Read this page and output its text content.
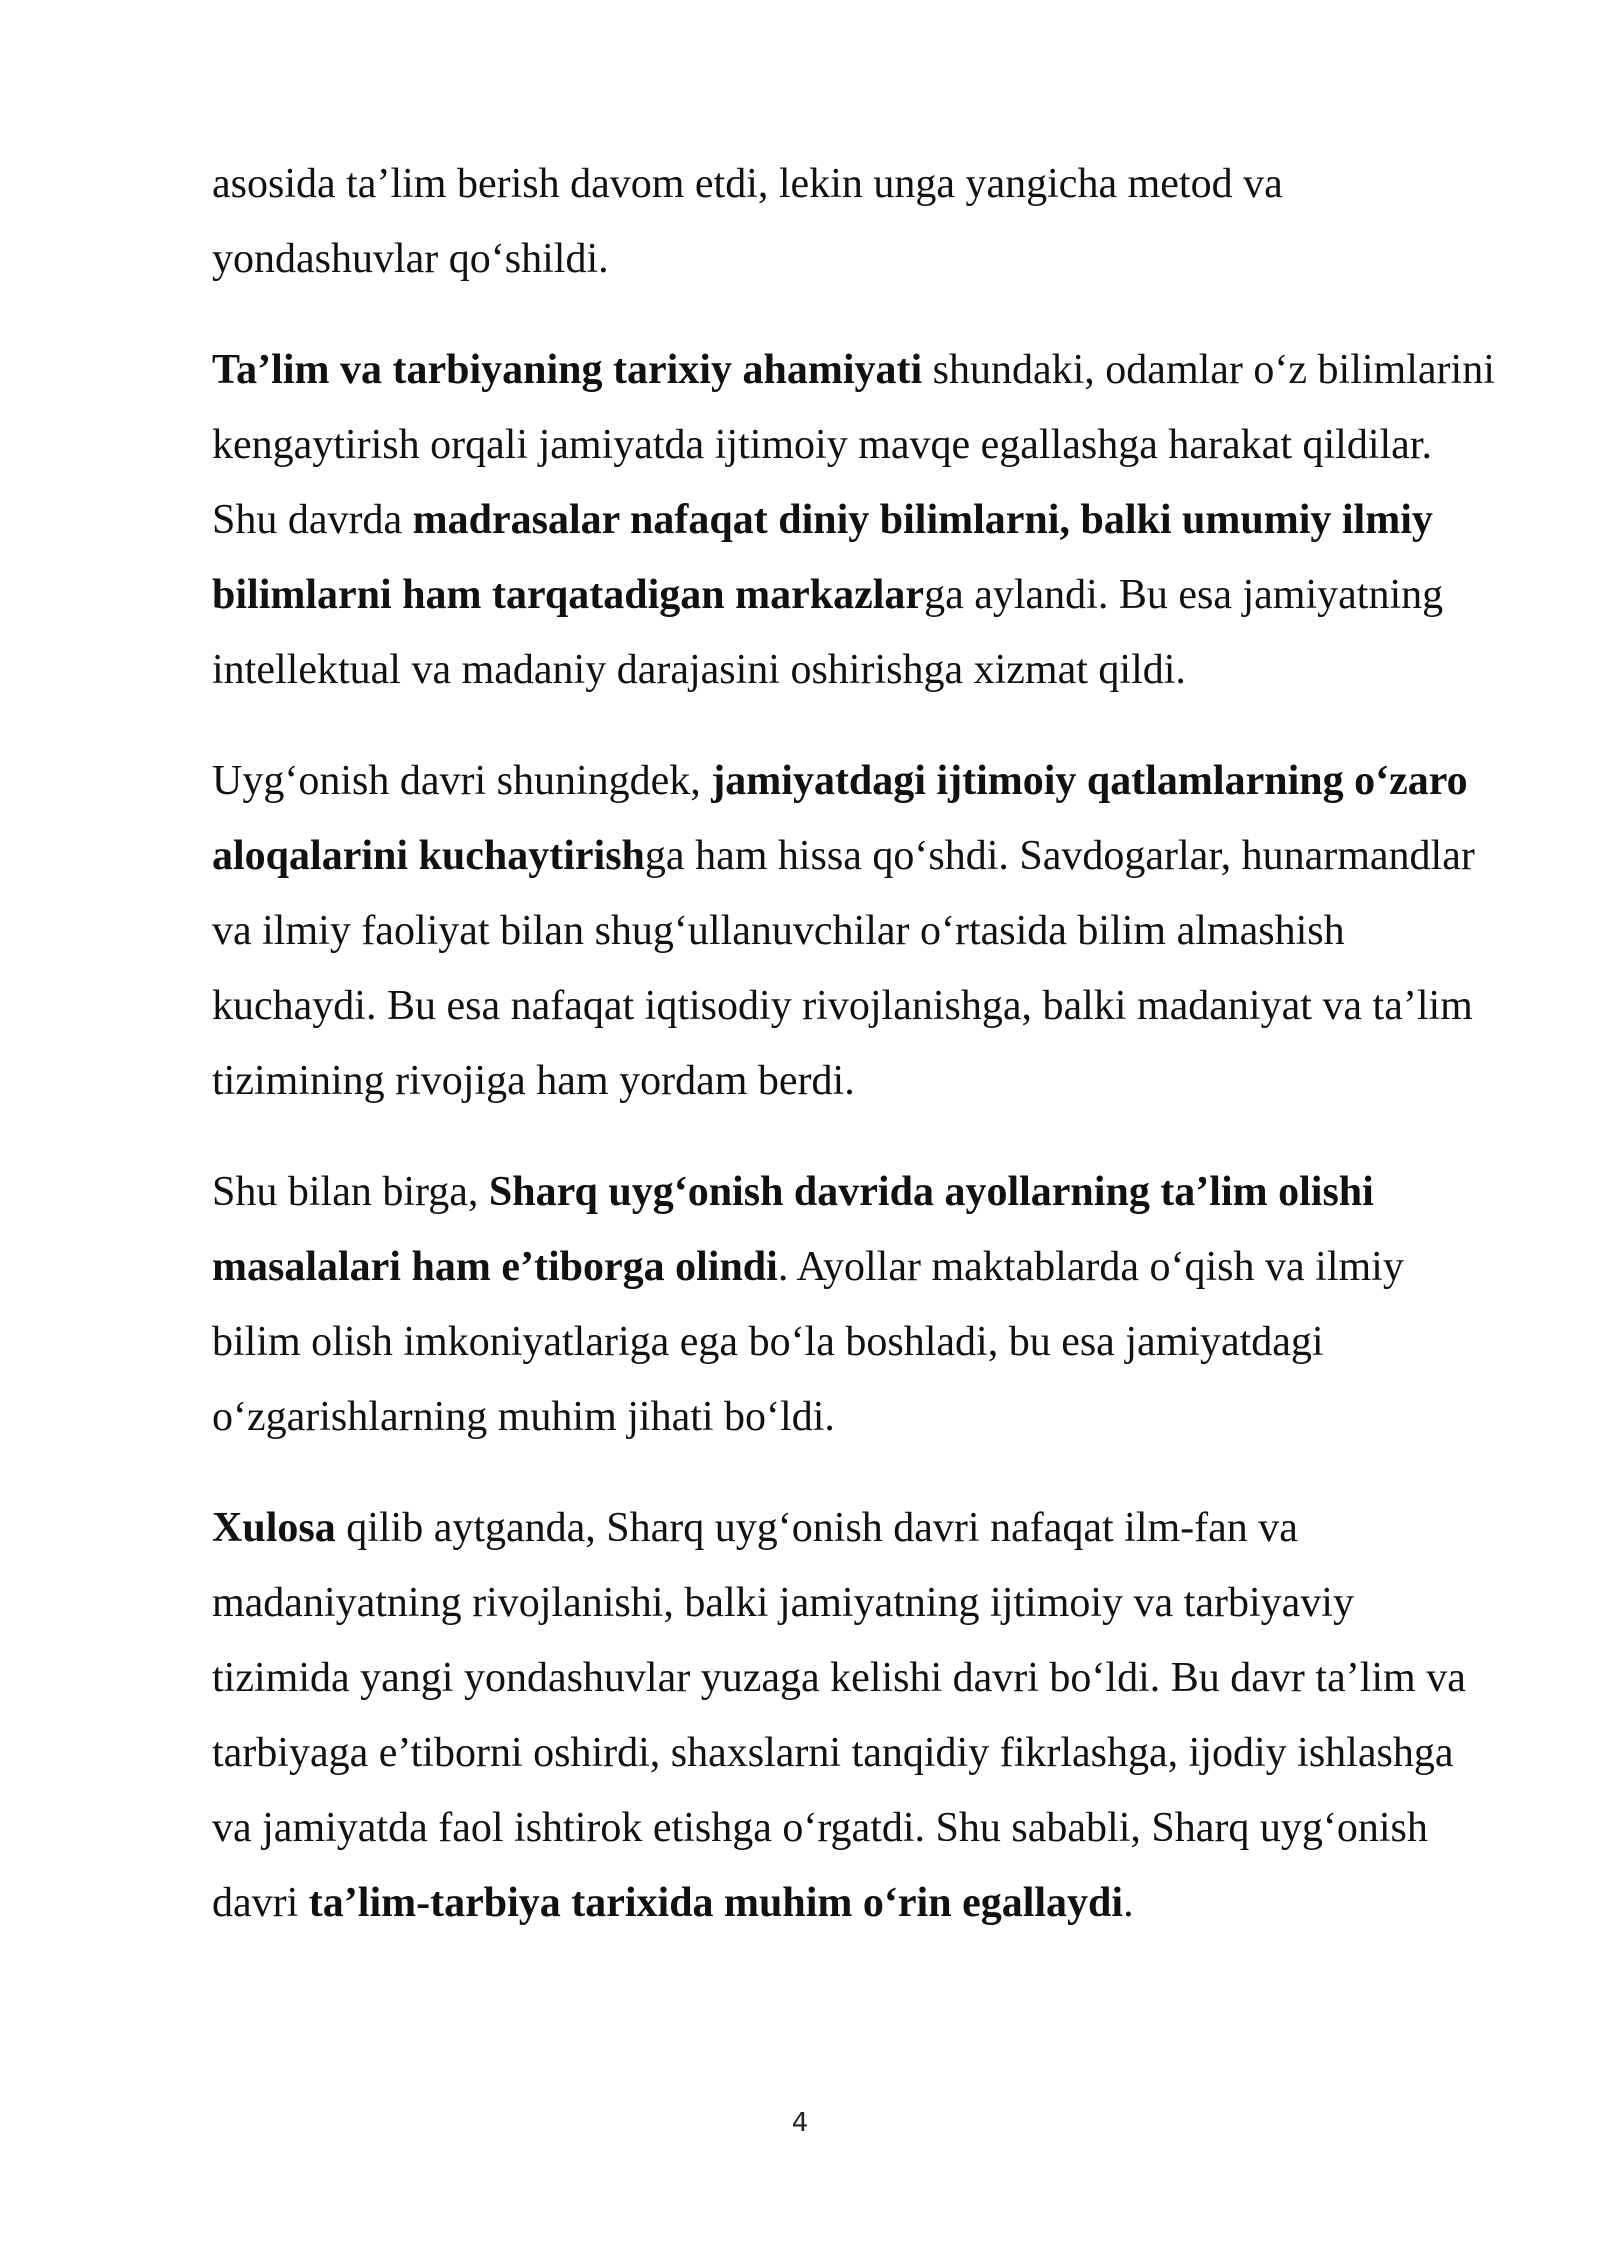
asosida ta’lim berish davom etdi, lekin unga yangicha metod va yondashuvlar qo‘shildi.

Ta’lim va tarbiyaning tarixiy ahamiyati shundaki, odamlar o‘z bilimlarini kengaytirish orqali jamiyatda ijtimoiy mavqe egallashga harakat qildilar. Shu davrda madrasalar nafaqat diniy bilimlarni, balki umumiy ilmiy bilimlarni ham tarqatadigan markazlarga aylandi. Bu esa jamiyatning intellektual va madaniy darajasini oshirishga xizmat qildi.

Uyg‘onish davri shuningdek, jamiyatdagi ijtimoiy qatlamlarning o‘zaro aloqalarini kuchaytirishga ham hissa qo‘shdi. Savdogarlar, hunarmandlar va ilmiy faoliyat bilan shug‘ullanuvchilar o‘rtasida bilim almashish kuchaydi. Bu esa nafaqat iqtisodiy rivojlanishga, balki madaniyat va ta’lim tizimining rivojiga ham yordam berdi.

Shu bilan birga, Sharq uyg‘onish davrida ayollarning ta’lim olishi masalalari ham e’tiborga olindi. Ayollar maktablarda o‘qish va ilmiy bilim olish imkoniyatlariga ega bo‘la boshladi, bu esa jamiyatdagi o‘zgarishlarning muhim jihati bo‘ldi.

Xulosa qilib aytganda, Sharq uyg‘onish davri nafaqat ilm-fan va madaniyatning rivojlanishi, balki jamiyatning ijtimoiy va tarbiyaviy tizimida yangi yondashuvlar yuzaga kelishi davri bo‘ldi. Bu davr ta’lim va tarbiyaga e’tiborni oshirdi, shaxslarni tanqidiy fikrlashga, ijodiy ishlashga va jamiyatda faol ishtirok etishga o‘rgatdi. Shu sababli, Sharq uyg‘onish davri ta’lim-tarbiya tarixida muhim o‘rin egallaydi.

4
